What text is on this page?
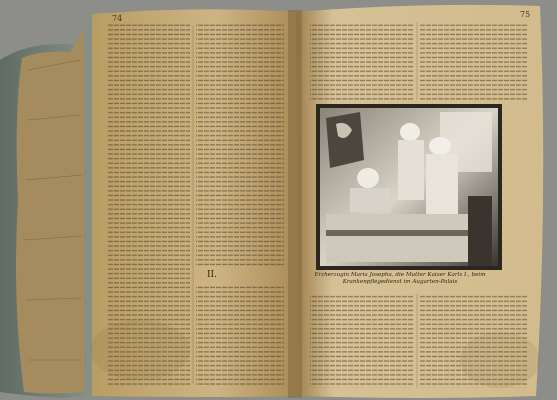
74	75
II.	Erzherzogin Maria Josepha, die Mutter Kaiser Karls I., beim Krankenpflegedienst im Augarten-Palais
